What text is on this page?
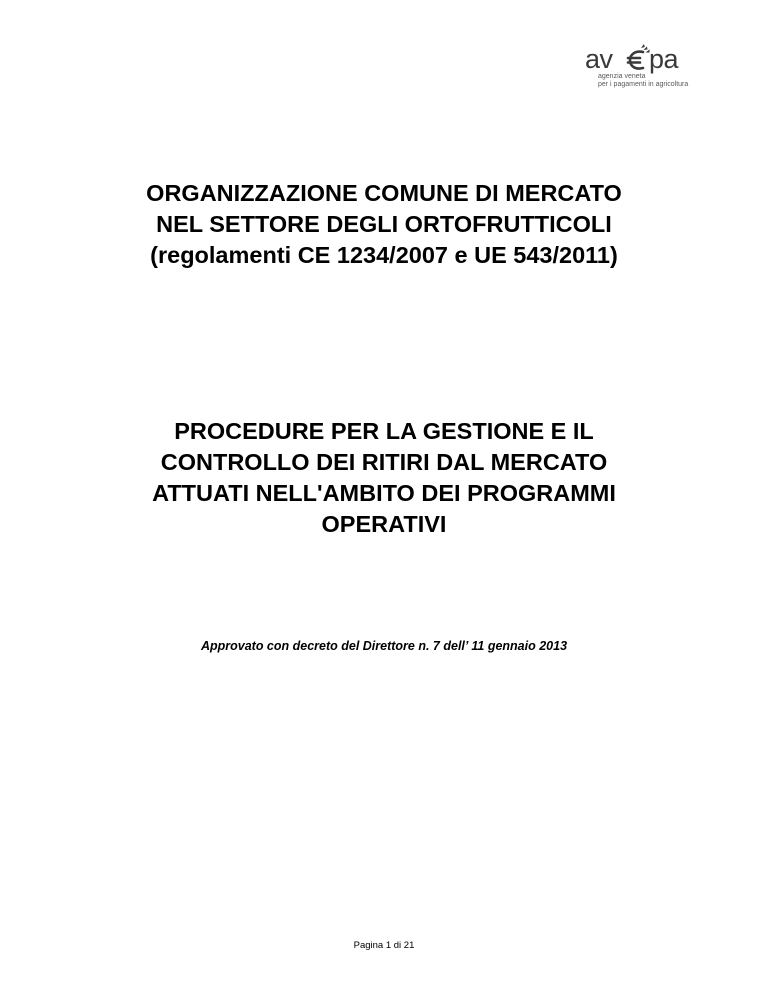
av pa
agenzia veneta
per i pagamenti in agricoltura
ORGANIZZAZIONE COMUNE DI MERCATO
NEL SETTORE DEGLI ORTOFRUTTICOLI
(regolamenti CE 1234/2007 e UE 543/2011)
PROCEDURE PER LA GESTIONE E IL
CONTROLLO DEI RITIRI DAL MERCATO
ATTUATI NELL'AMBITO DEI PROGRAMMI
OPERATIVI

Approvato con decreto del Direttore n. 7 dell’ 11 gennaio 2013

Pagina 1 di 21
